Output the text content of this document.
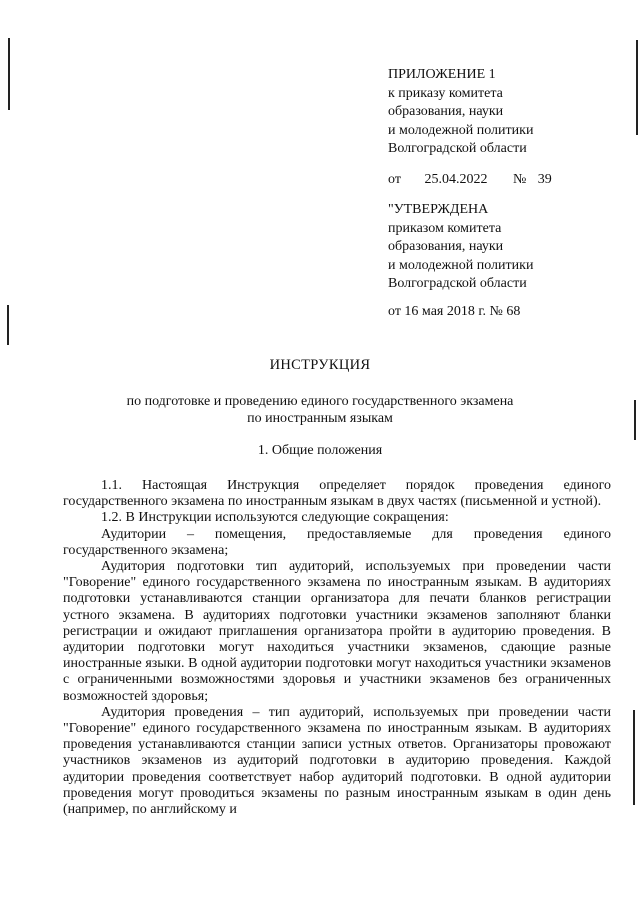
ПРИЛОЖЕНИЕ 1
к приказу комитета
образования, науки
и молодежной политики
Волгоградской области
от 25.04.2022 № 39
"УТВЕРЖДЕНА
приказом комитета
образования, науки
и молодежной политики
Волгоградской области
от 16 мая 2018 г. № 68
ИНСТРУКЦИЯ
по подготовке и проведению единого государственного экзамена
по иностранным языкам
1. Общие положения

1.1. Настоящая Инструкция определяет порядок проведения единого государственного экзамена по иностранным языкам в двух частях (письменной и устной).

1.2. В Инструкции используются следующие сокращения:

Аудитории – помещения, предоставляемые для проведения единого государственного экзамена;

Аудитория подготовки тип аудиторий, используемых при проведении части "Говорение" единого государственного экзамена по иностранным языкам. В аудиториях подготовки устанавливаются станции организатора для печати бланков регистрации устного экзамена. В аудиториях подготовки участники экзаменов заполняют бланки регистрации и ожидают приглашения организатора пройти в аудиторию проведения. В аудитории подготовки могут находиться участники экзаменов, сдающие разные иностранные языки. В одной аудитории подготовки могут находиться участники экзаменов с ограниченными возможностями здоровья и участники экзаменов без ограниченных возможностей здоровья;

Аудитория проведения – тип аудиторий, используемых при проведении части "Говорение" единого государственного экзамена по иностранным языкам. В аудиториях проведения устанавливаются станции записи устных ответов. Организаторы провожают участников экзаменов из аудиторий подготовки в аудиторию проведения. Каждой аудитории проведения соответствует набор аудиторий подготовки. В одной аудитории проведения могут проводиться экзамены по разным иностранным языкам в один день (например, по английскому и
